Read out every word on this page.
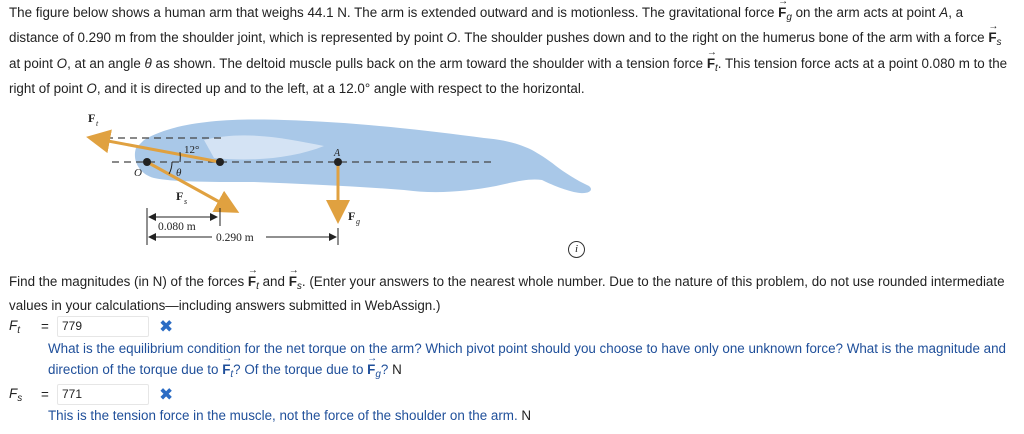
The figure below shows a human arm that weighs 44.1 N. The arm is extended outward and is motionless. The gravitational force → $F_g$ on the arm acts at point A, a distance of 0.290 m from the shoulder joint, which is represented by point O. The shoulder pushes down and to the right on the humerus bone of the arm with a force → $F_s$ at point O, at an angle θ as shown. The deltoid muscle pulls back on the arm toward the shoulder with a tension force → $F_t$. This tension force acts at a point 0.080 m to the right of point O, and it is directed up and to the left, at a 12.0° angle with respect to the horizontal.
F t
12°
O	θ
A
F s
F g
0.080 m
0.290 m
i
Find the magnitudes (in N) of the forces → $F_t$ and → $F_s$. (Enter your answers to the nearest whole number. Due to the nature of this problem, do not use rounded intermediate values in your calculations—including answers submitted in WebAssign.)
$F_t$	=	779	✖
What is the equilibrium condition for the net torque on the arm? Which pivot point should you choose to have only one unknown force? What is the magnitude and direction of the torque due to → $F_t$? Of the torque due to → $F_g$? N
$F_s$	=	771	✖
This is the tension force in the muscle, not the force of the shoulder on the arm. N
